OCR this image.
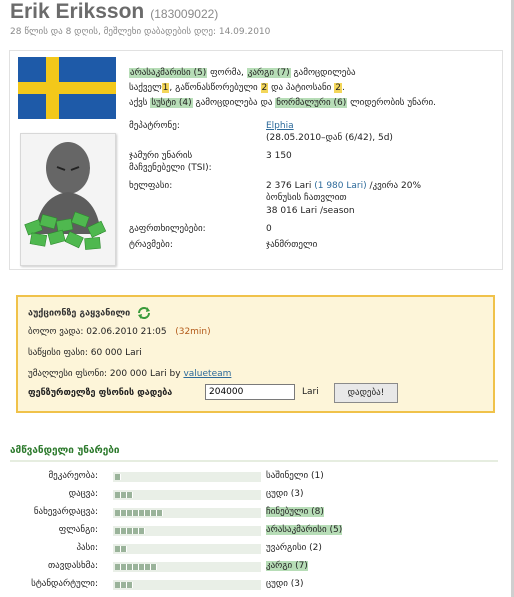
Erik Eriksson (183009022)
28 წლის და 8 დღის, მეშლეხი დაბადების დღე: 14.09.2010
არასაკმარისი (5) ფორმა, კარგი (7) გამოცდილება
საქველ1, გაწონასწორებული 2 და პატიოსანი 2.
აქვს სუსტი (4) გამოცდილება და ნორმალური (6) ლიდერობის უნარი.
მეპატრონე:	Elphia
(28.05.2010–დან (6/42), 5d)
ჯამური უნარის
მაჩვენებელი (TSI):
3 150
ხელფასი:	2 376 Lari (1 980 Lari) /კვირა 20%
ბონუსის ჩათვლით
38 016 Lari /season
გაფრთხილებები:	0
ტრავმები:	ჯანმრთელი
აუქციონზე გაყვანილი
ბოლო ვადა: 02.06.2010 21:05 (32min)
საწყისი ფასი: 60 000 Lari
უმაღლესი ფსონი: 200 000 Lari by valueteam
ფენზურთელზე ფსონის დადება
204000	Lari	დადება!
ამწვანდელი უნარები
მეკარეობა:	საშინელი (1)
დაცვა:	ცუდი (3)
ნახევარდაცვა:	ჩინებული (8)
ფლანგი:	არასაკმარისი (5)
პასი:	უვარგისი (2)
თავდასხმა:	კარგი (7)
სტანდარტული:	ცუდი (3)
